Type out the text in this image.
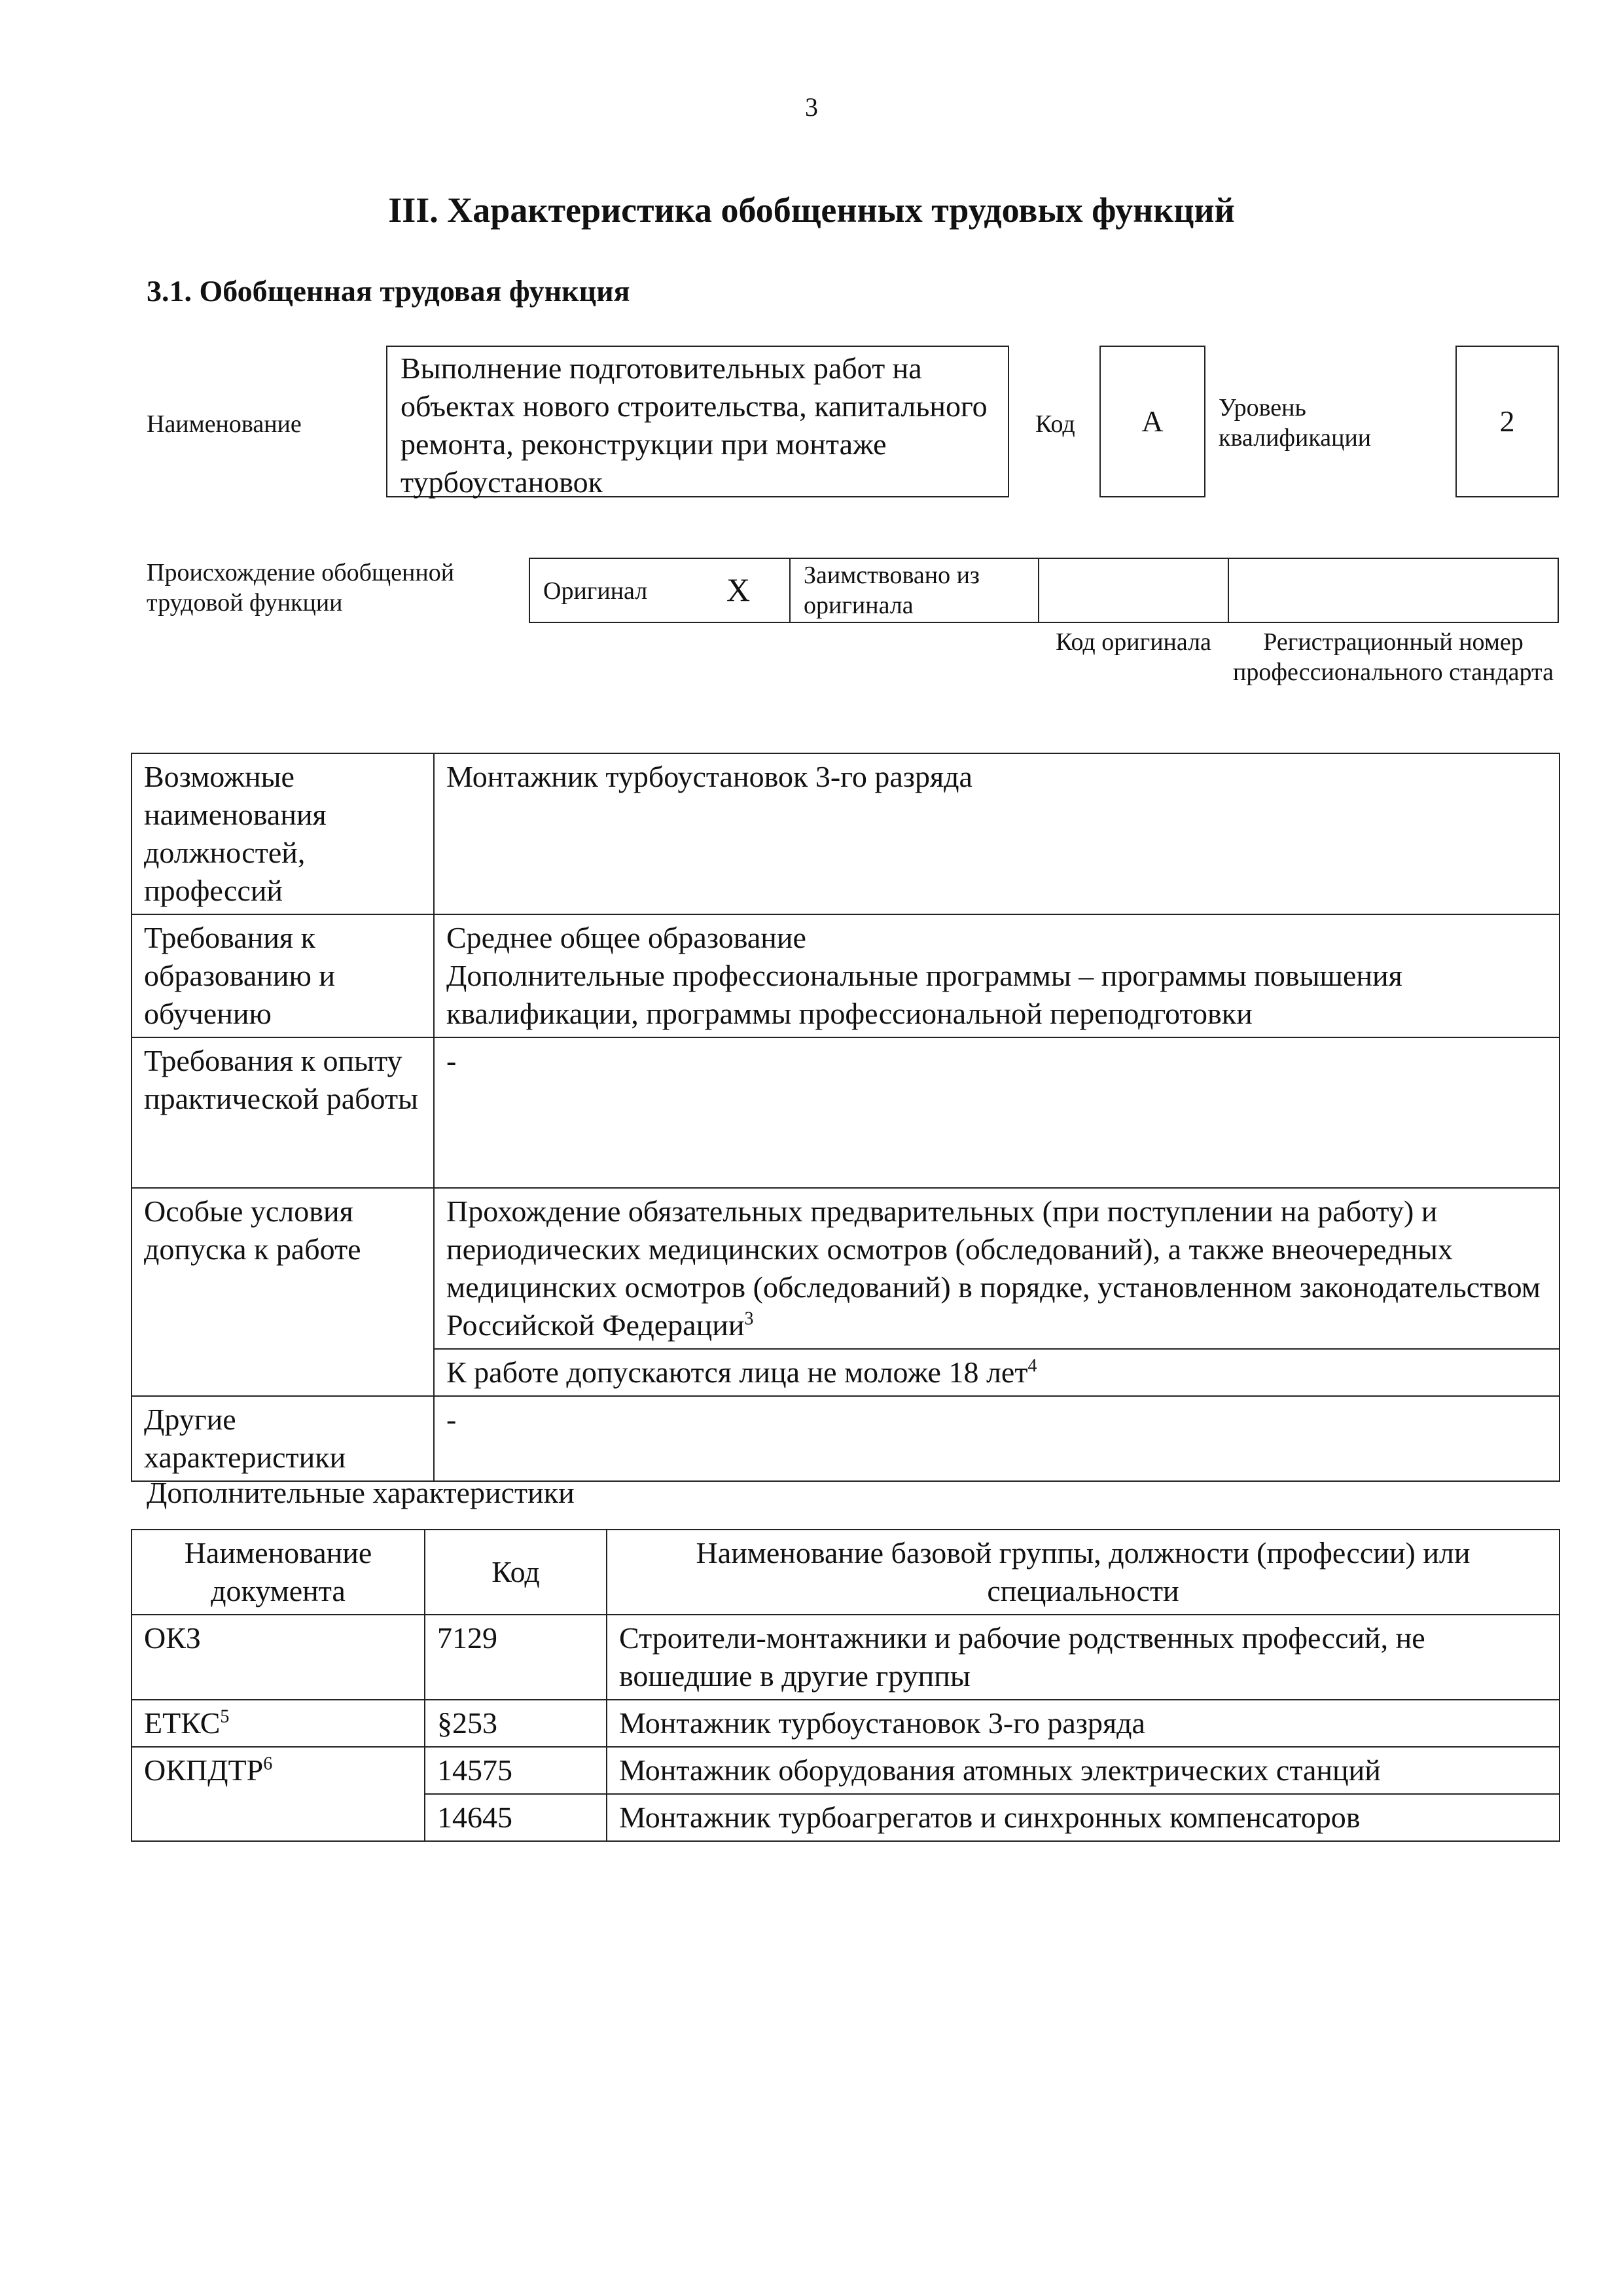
3
III. Характеристика обобщенных трудовых функций
3.1. Обобщенная трудовая функция
Наименование
Выполнение подготовительных работ на объектах нового строительства, капитального ремонта, реконструкции при монтаже турбоустановок
Код А Уровень квалификации	2
Происхождение обобщенной трудовой функции	Оригинал X	Заимствовано из оригинала
Код оригинала	Регистрационный номер профессионального стандарта
Возможные наименования должностей, профессий	Монтажник турбоустановок 3-го разряда
Требования к образованию и обучению	Среднее общее образование
Дополнительные профессиональные программы – программы повышения квалификации, программы профессиональной переподготовки

Требования к опыту практической работы	-
Особые условия допуска к работе	Прохождение обязательных предварительных (при поступлении на работу) и периодических медицинских осмотров (обследований), а также внеочередных медицинских осмотров (обследований) в порядке, установленном законодательством Российской Федерации$^3$
	К работе допускаются лица не моложе 18 лет$^4$
Другие характеристики	-
Дополнительные характеристики
Наименование документа	Код	Наименование базовой группы, должности (профессии) или специальности
ОКЗ	7129	Строители-монтажники и рабочие родственных профессий, не вошедшие в другие группы
ЕТКС$^5$	§253	Монтажник турбоустановок 3-го разряда
ОКПДТР$^6$	14575	Монтажник оборудования атомных электрических станций
	14645	Монтажник турбоагрегатов и синхронных компенсаторов
